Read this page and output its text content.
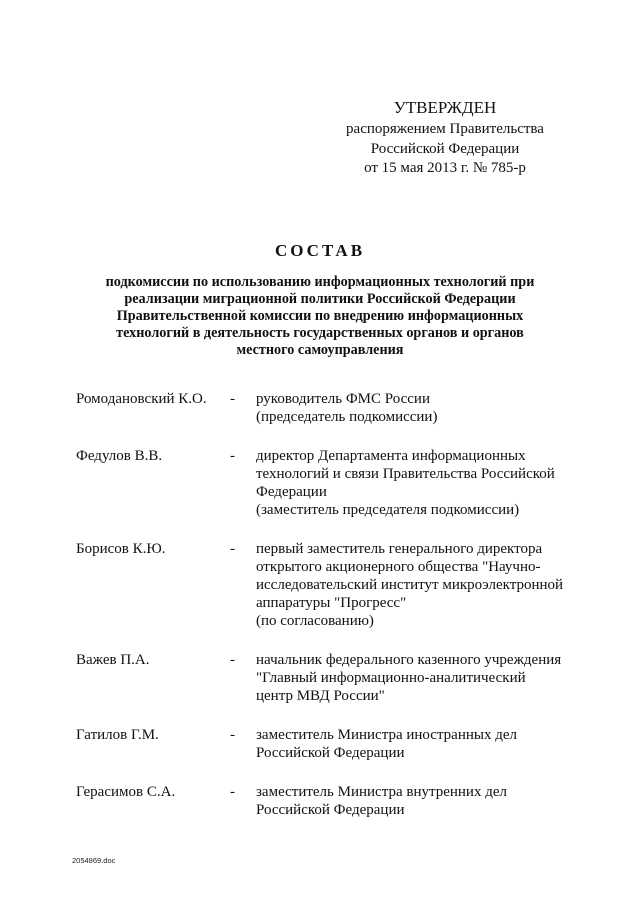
УТВЕРЖДЕН
распоряжением Правительства
Российской Федерации
от 15 мая 2013 г. № 785-р
СОСТАВ
подкомиссии по использованию информационных технологий при
реализации миграционной политики Российской Федерации
Правительственной комиссии по внедрению информационных
технологий в деятельность государственных органов и органов
местного самоуправления
Ромодановский К.О.	-	руководитель ФМС России
(председатель подкомиссии)
Федулов В.В.	-	директор Департамента информационных
технологий и связи Правительства Российской
Федерации
(заместитель председателя подкомиссии)
Борисов К.Ю.	-	первый заместитель генерального директора
открытого акционерного общества "Научно-
исследовательский институт микроэлектронной
аппаратуры "Прогресс"
(по согласованию)
Важев П.А.	-	начальник федерального казенного учреждения
"Главный информационно-аналитический
центр МВД России"
Гатилов Г.М.	-	заместитель Министра иностранных дел
Российской Федерации
Герасимов С.А.	-	заместитель Министра внутренних дел
Российской Федерации
2054869.doc
